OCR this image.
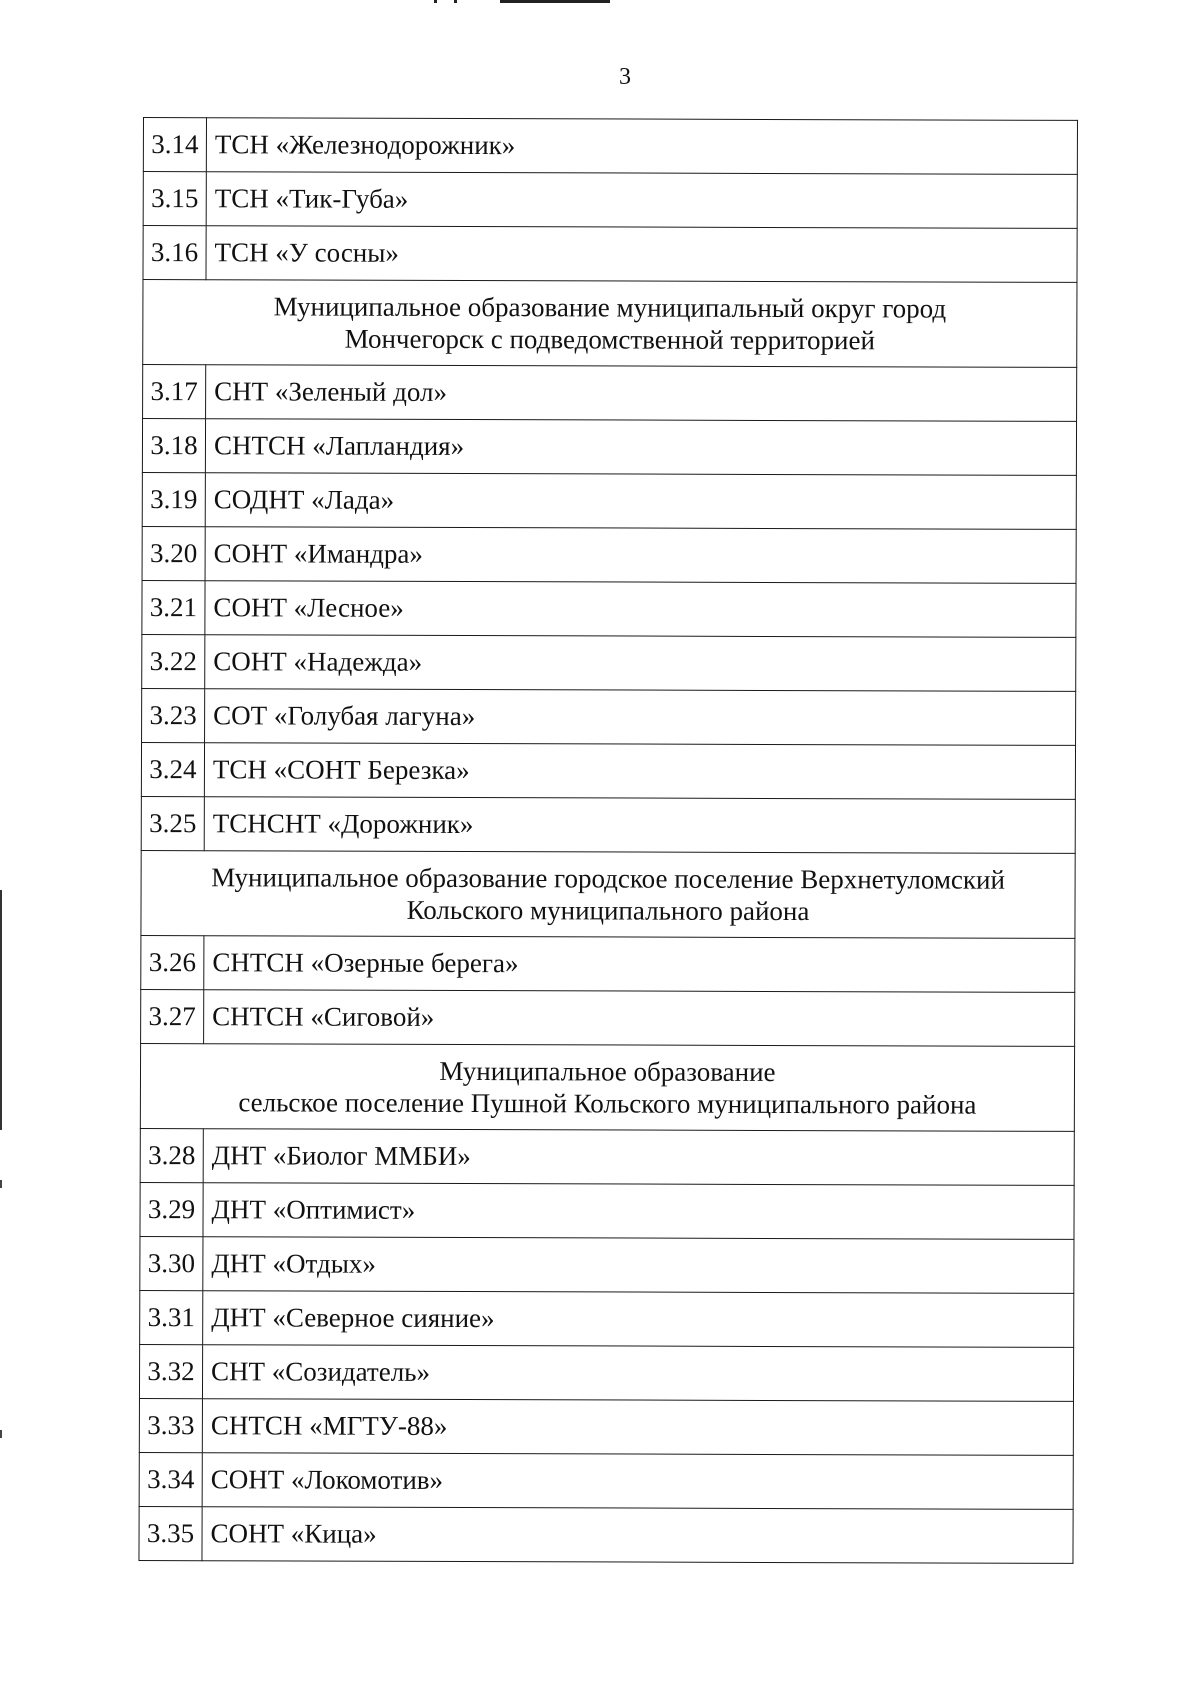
3
3.14	ТСН «Железнодорожник»
3.15	ТСН «Тик-Губа»
3.16	ТСН «У сосны»

Муниципальное образование муниципальный округ город
Мончегорск с подведомственной территорией	

3.17	СНТ «Зеленый дол»
3.18	СНТСН «Лапландия»
3.19	СОДНТ «Лада»
3.20	СОНТ «Имандра»
3.21	СОНТ «Лесное»
3.22	СОНТ «Надежда»
3.23	СОТ «Голубая лагуна»
3.24	ТСН «СОНТ Березка»
3.25	ТСНСНТ «Дорожник»

Муниципальное образование городское поселение Верхнетуломский
Кольского муниципального района	

3.26	СНТСН «Озерные берега»
3.27	СНТСН «Сиговой»

Муниципальное образование
сельское поселение Пушной Кольского муниципального района	

3.28	ДНТ «Биолог ММБИ»
3.29	ДНТ «Оптимист»
3.30	ДНТ «Отдых»
3.31	ДНТ «Северное сияние»
3.32	СНТ «Созидатель»
3.33	СНТСН «МГТУ-88»
3.34	СОНТ «Локомотив»
3.35	СОНТ «Кица»
